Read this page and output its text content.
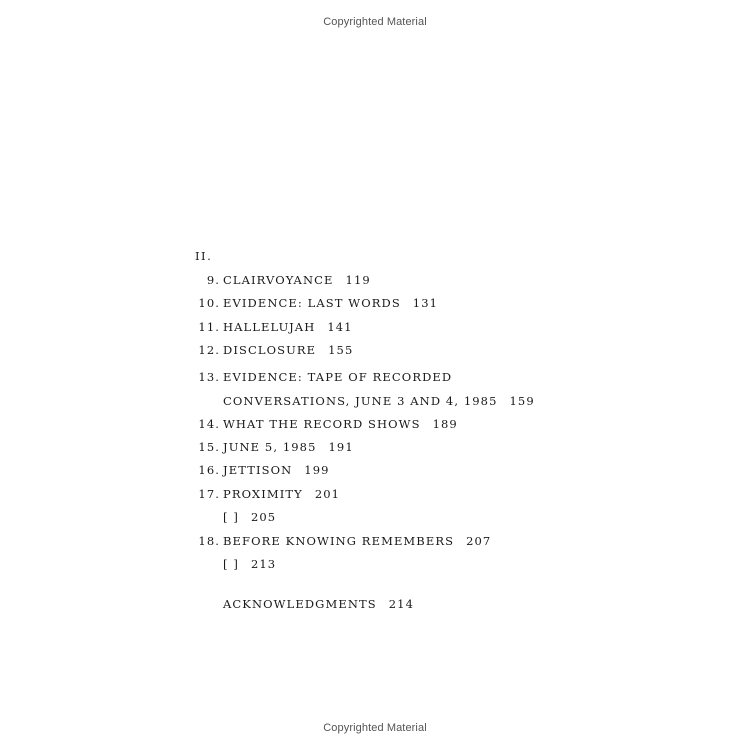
Copyrighted Material
II.
9. CLAIRVOYANCE 119
10. EVIDENCE: LAST WORDS 131
11. HALLELUJAH 141
12. DISCLOSURE 155
13. EVIDENCE: TAPE OF RECORDED
CONVERSATIONS, JUNE 3 AND 4, 1985 159
14. WHAT THE RECORD SHOWS 189
15. JUNE 5, 1985 191
16. JETTISON 199
17. PROXIMITY 201
[ ] 205
18. BEFORE KNOWING REMEMBERS 207
[ ] 213
ACKNOWLEDGMENTS 214
Copyrighted Material
